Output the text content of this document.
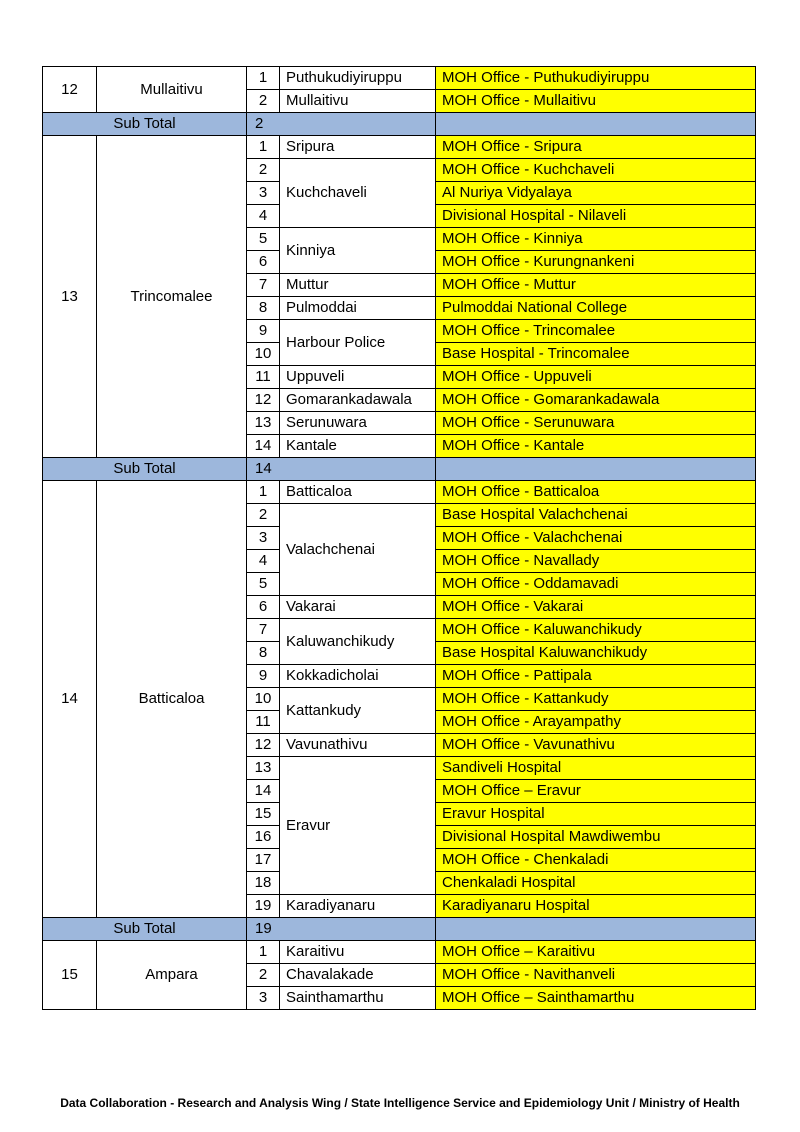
12	Mullaitivu	1	Puthukudiyiruppu	MOH Office - Puthukudiyiruppu
		2	Mullaitivu	MOH Office - Mullaitivu
Sub Total		2		
13	Trincomalee	1	Sripura	MOH Office - Sripura
		2	Kuchchaveli	MOH Office - Kuchchaveli
		3		Al Nuriya Vidyalaya
		4		Divisional Hospital - Nilaveli
		5	Kinniya	MOH Office - Kinniya
		6		MOH Office - Kurungnankeni
		7	Muttur	MOH Office - Muttur
		8	Pulmoddai	Pulmoddai National College
		9	Harbour Police	MOH Office - Trincomalee
		10		Base Hospital - Trincomalee
		11	Uppuveli	MOH Office - Uppuveli
		12	Gomarankadawala	MOH Office - Gomarankadawala
		13	Serunuwara	MOH Office - Serunuwara
		14	Kantale	MOH Office - Kantale
Sub Total		14		
14	Batticaloa	1	Batticaloa	MOH Office - Batticaloa
		2	Valachchenai	Base Hospital Valachchenai
		3		MOH Office - Valachchenai
		4		MOH Office - Navallady
		5		MOH Office - Oddamavadi
		6	Vakarai	MOH Office - Vakarai
		7	Kaluwanchikudy	MOH Office - Kaluwanchikudy
		8		Base Hospital Kaluwanchikudy
		9	Kokkadicholai	MOH Office - Pattipala
		10	Kattankudy	MOH Office - Kattankudy
		11		MOH Office - Arayampathy
		12	Vavunathivu	MOH Office - Vavunathivu
		13	Eravur	Sandiveli Hospital
		14		MOH Office – Eravur
		15		Eravur Hospital
		16		Divisional Hospital Mawdiwembu
		17		MOH Office - Chenkaladi
		18		Chenkaladi Hospital
		19	Karadiyanaru	Karadiyanaru Hospital
Sub Total		19		
15	Ampara	1	Karaitivu	MOH Office – Karaitivu
		2	Chavalakade	MOH Office - Navithanveli
		3	Sainthamarthu	MOH Office – Sainthamarthu
Data Collaboration - Research and Analysis Wing / State Intelligence Service and Epidemiology Unit / Ministry of Health
